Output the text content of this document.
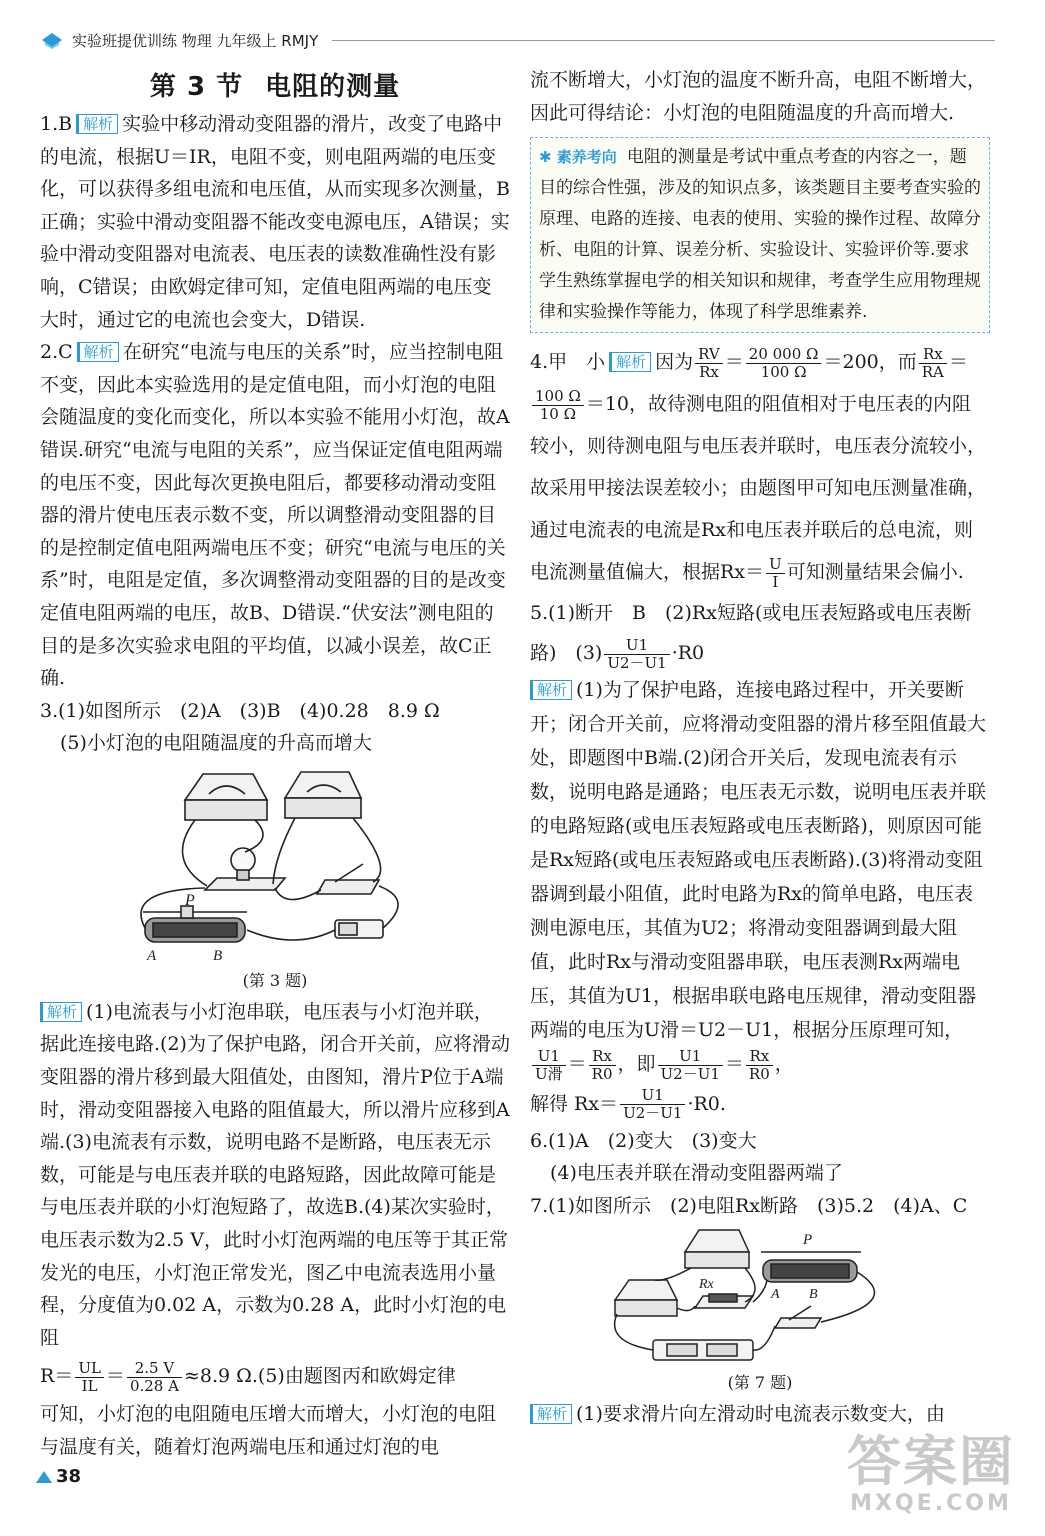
实验班提优训练 物理 九年级上 RMJY
第 3 节 电阻的测量

1.B 解析 实验中移动滑动变阻器的滑片，改变了电路中的电流，根据U＝IR，电阻不变，则电阻两端的电压变化，可以获得多组电流和电压值，从而实现多次测量，B正确；实验中滑动变阻器不能改变电源电压，A错误；实验中滑动变阻器对电流表、电压表的读数准确性没有影响，C错误；由欧姆定律可知，定值电阻两端的电压变大时，通过它的电流也会变大，D错误.

2.C 解析 在研究“电流与电压的关系”时，应当控制电阻不变，因此本实验选用的是定值电阻，而小灯泡的电阻会随温度的变化而变化，所以本实验不能用小灯泡，故A错误.研究“电流与电阻的关系”，应当保证定值电阻两端的电压不变，因此每次更换电阻后，都要移动滑动变阻器的滑片使电压表示数不变，所以调整滑动变阻器的目的是控制定值电阻两端电压不变；研究“电流与电压的关系”时，电阻是定值，多次调整滑动变阻器的目的是改变定值电阻两端的电压，故B、D错误.“伏安法”测电阻的目的是多次实验求电阻的平均值，以减小误差，故C正确.

3.(1)如图所示　(2)A　(3)B　(4)0.28　8.9 Ω

(5)小灯泡的电阻随温度的升高而增大

P
A	B

(第 3 题)

解析 (1)电流表与小灯泡串联，电压表与小灯泡并联，据此连接电路.(2)为了保护电路，闭合开关前，应将滑动变阻器的滑片移到最大阻值处，由图知，滑片P位于A端时，滑动变阻器接入电路的阻值最大，所以滑片应移到A端.(3)电流表有示数，说明电路不是断路，电压表无示数，可能是与电压表并联的电路短路，因此故障可能是与电压表并联的小灯泡短路了，故选B.(4)某次实验时，电压表示数为2.5 V，此时小灯泡两端的电压等于其正常发光的电压，小灯泡正常发光，图乙中电流表选用小量程，分度值为0.02 A，示数为0.28 A，此时小灯泡的电阻

$R= \frac{UL}{IL} = \frac{2.5 V}{0.28 A} \approx 8.9$ Ω.(5)由题图丙和欧姆定律

可知，小灯泡的电阻随电压增大而增大，小灯泡的电阻与温度有关，随着灯泡两端电压和通过灯泡的电

流不断增大，小灯泡的温度不断升高，电阻不断增大，因此可得结论：小灯泡的电阻随温度的升高而增大.

✱ 素养考向 电阻的测量是考试中重点考查的内容之一，题目的综合性强，涉及的知识点多，该类题目主要考查实验的原理、电路的连接、电表的使用、实验的操作过程、故障分析、电阻的计算、误差分析、实验设计、实验评价等.要求学生熟练掌握电学的相关知识和规律，考查学生应用物理规律和实验操作等能力，体现了科学思维素养.

4.甲　小 解析 因为 $\frac{RV}{Rx} = \frac{20 000 \Omega}{100 \Omega} =200$，而 $\frac{Rx}{RA}$ ＝
$\frac{100 \Omega}{10 \Omega} =10$，故待测电阻的阻值相对于电压表的内阻较小，则待测电阻与电压表并联时，电压表分流较小，故采用甲接法误差较小；由题图甲可知电压测量准确，通过电流表的电流是Rx和电压表并联后的总电流，则电流测量值偏大，根据$Rx= \frac{U}{I}$ 可知测量结果会偏小.

5.(1)断开　B　(2)Rx短路(或电压表短路或电压表断路)　$(3) \frac{U1}{U2-U1} \cdot R0$

解析 (1)为了保护电路，连接电路过程中，开关要断开；闭合开关前，应将滑动变阻器的滑片移至阻值最大处，即题图中B端.(2)闭合开关后，发现电流表有示数，说明电路是通路；电压表无示数，说明电压表并联的电路短路(或电压表短路或电压表断路)，则原因可能是Rx短路(或电压表短路或电压表断路).(3)将滑动变阻器调到最小阻值，此时电路为Rx的简单电路，电压表测电源电压，其值为U2；将滑动变阻器调到最大阻值，此时Rx与滑动变阻器串联，电压表测Rx两端电压，其值为U1，根据串联电路电压规律，滑动变阻器两端的电压为U滑＝U2－U1，根据分压原理可知，
$\frac{U1}{\text{U滑}} = \frac{Rx}{R0}$ ，即 $\frac{U1}{U2-U1} = \frac{Rx}{R0}$ ，

解得 $Rx= \frac{U1}{U2-U1} \cdot R0$.

6.(1)A　(2)变大　(3)变大

(4)电压表并联在滑动变阻器两端了

7.(1)如图所示　(2)电阻Rx断路　(3)5.2　(4)A、C

P
Rx
A B

(第 7 题)

解析 (1)要求滑片向左滑动时电流表示数变大，由

38	答案圈
MXQE.COM
